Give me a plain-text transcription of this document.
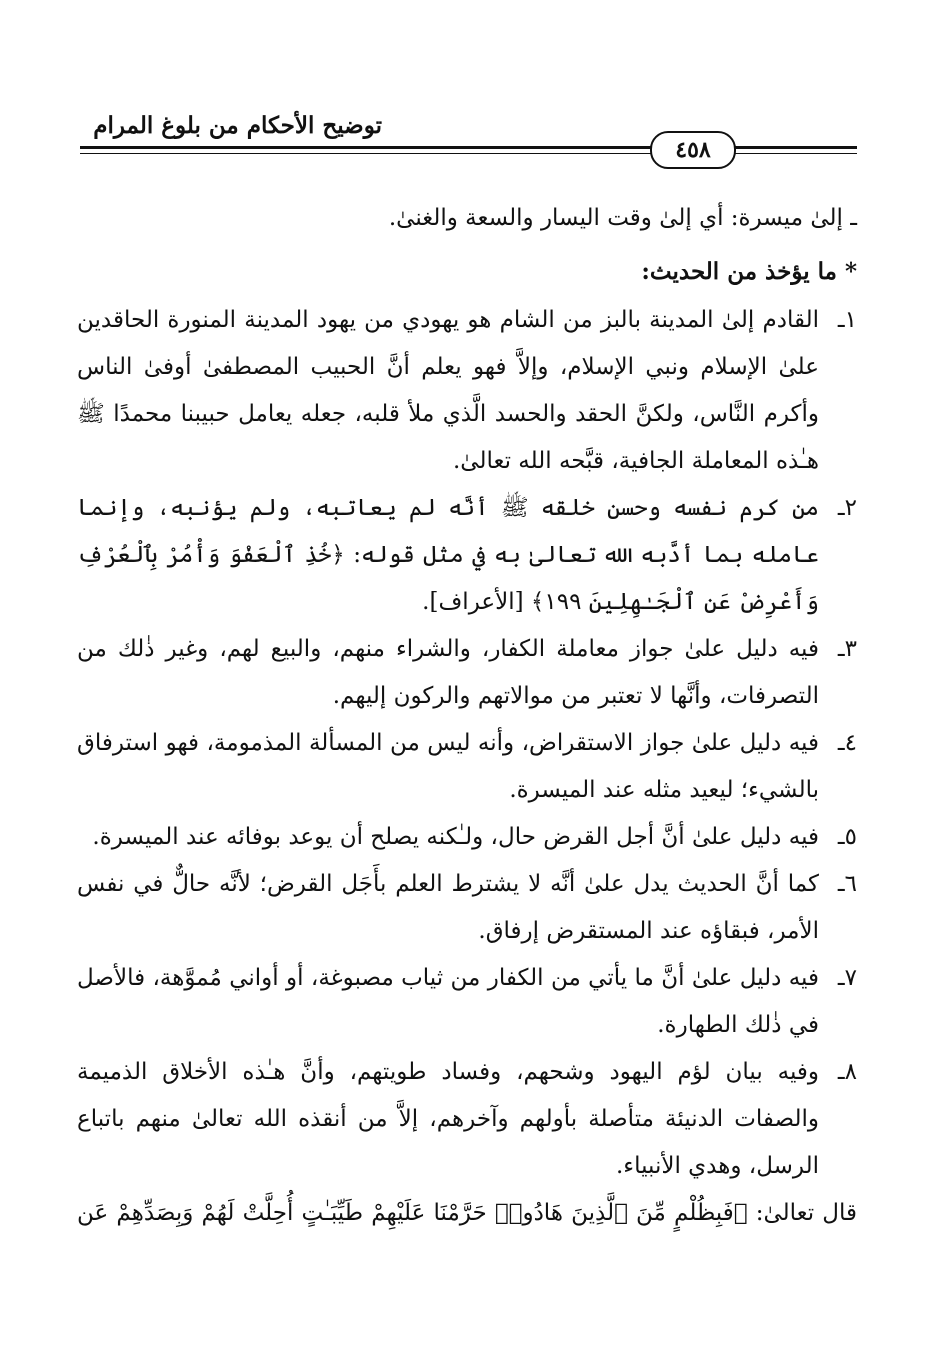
توضيح الأحكام من بلوغ المرام
٤٥٨

ـ إلىٰ ميسرة: أي إلىٰ وقت اليسار والسعة والغنىٰ.

* ما يؤخذ من الحديث:

١ـ
القادم إلىٰ المدينة بالبز من الشام هو يهودي من يهود المدينة المنورة الحاقدين علىٰ الإسلام ونبي الإسلام، وإلاَّ فهو يعلم أنَّ الحبيب المصطفىٰ أوفىٰ الناس وأكرم النَّاس، ولكنَّ الحقد والحسد الَّذي ملأ قلبه، جعله يعامل حبيبنا محمدًا ﷺ هـٰذه المعاملة الجافية، قبَّحه الله تعالىٰ.
٢ـ
من كرم نفسه وحسن خلقه ﷺ أنَّه لم يعاتبه، ولم يؤنبه، وإنما عامله بما أدَّبه الله تعالىٰ به في مثل قوله: ﴿خُذِ ٱلْعَفْوَ وَأْمُرْ بِٱلْعُرْفِ وَأَعْرِضْ عَنِ ٱلْجَـٰهِلِينَ ١٩٩﴾ [الأعراف].
٣ـ
فيه دليل علىٰ جواز معاملة الكفار، والشراء منهم، والبيع لهم، وغير ذٰلك من التصرفات، وأنَّها لا تعتبر من موالاتهم والركون إليهم.
٤ـ
فيه دليل علىٰ جواز الاستقراض، وأنه ليس من المسألة المذمومة، فهو استرفاق بالشيء؛ ليعيد مثله عند الميسرة.
٥ـ
فيه دليل علىٰ أنَّ أجل القرض حال، ولـٰكنه يصلح أن يوعد بوفائه عند الميسرة.
٦ـ
كما أنَّ الحديث يدل علىٰ أنَّه لا يشترط العلم بأَجَل القرض؛ لأنَّه حالٌّ في نفس الأمر، فبقاؤه عند المستقرض إرفاق.
٧ـ
فيه دليل علىٰ أنَّ ما يأتي من الكفار من ثياب مصبوغة، أو أواني مُموَّهة، فالأصل في ذٰلك الطهارة.
٨ـ
وفيه بيان لؤم اليهود وشحهم، وفساد طويتهم، وأنَّ هـٰذه الأخلاق الذميمة والصفات الدنيئة متأصلة بأولهم وآخرهم، إلاَّ من أنقذه الله تعالىٰ منهم باتباع الرسل، وهدي الأنبياء.

قال تعالىٰ: ﴿فَبِظُلْمٍ مِّنَ ٱلَّذِينَ هَادُوا۟ حَرَّمْنَا عَلَيْهِمْ طَيِّبَـٰتٍ أُحِلَّتْ لَهُمْ وَبِصَدِّهِمْ عَن
